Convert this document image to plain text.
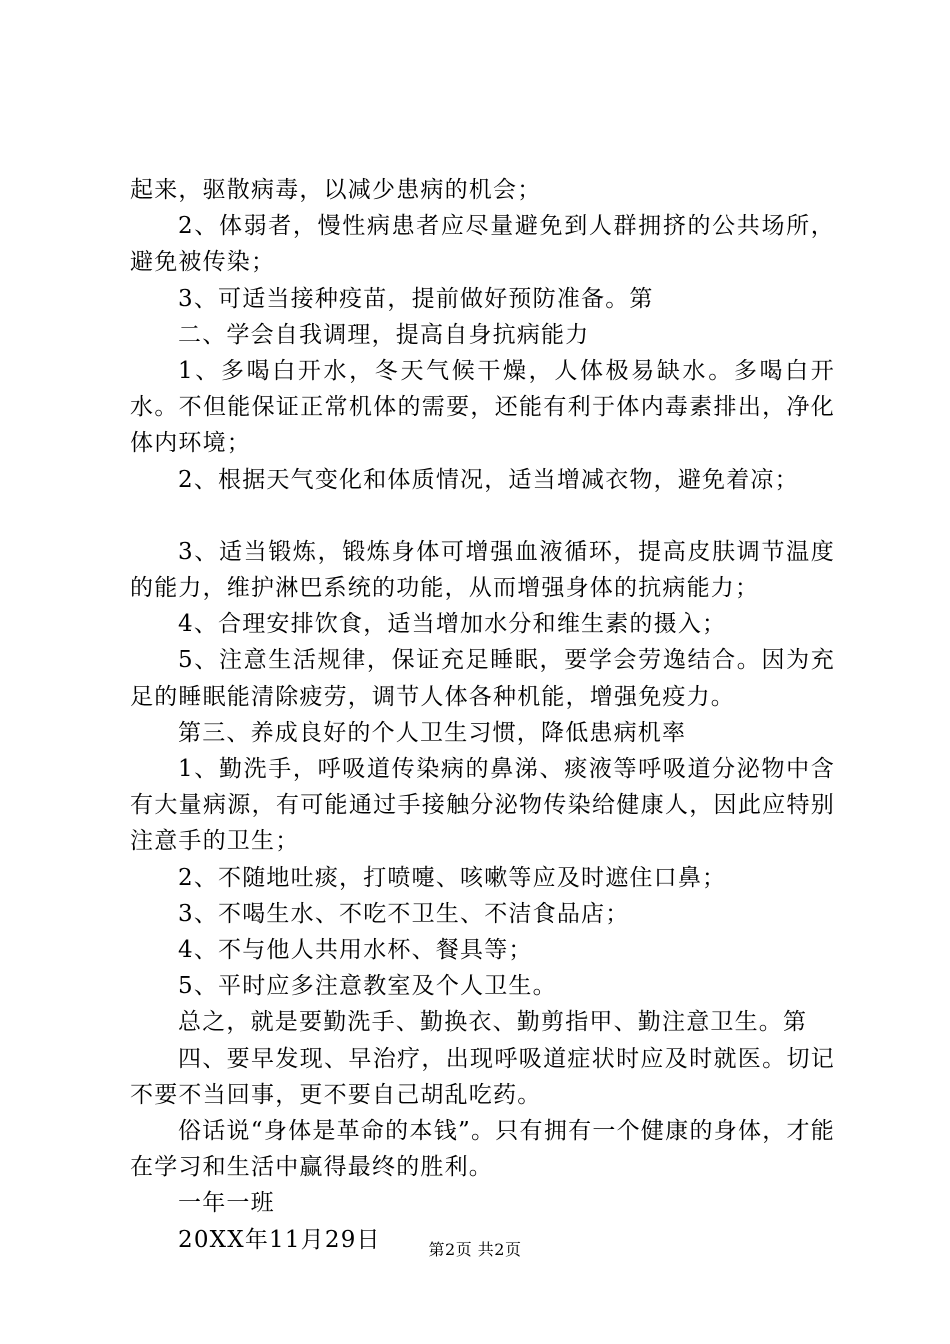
起来，驱散病毒，以减少患病的机会；

2、体弱者，慢性病患者应尽量避免到人群拥挤的公共场所，避免被传染；

3、可适当接种疫苗，提前做好预防准备。第

二、学会自我调理，提高自身抗病能力

1、多喝白开水，冬天气候干燥，人体极易缺水。多喝白开水。不但能保证正常机体的需要，还能有利于体内毒素排出，净化体内环境；

2、根据天气变化和体质情况，适当增减衣物，避免着凉；

3、适当锻炼，锻炼身体可增强血液循环，提高皮肤调节温度的能力，维护淋巴系统的功能，从而增强身体的抗病能力；

4、合理安排饮食，适当增加水分和维生素的摄入；

5、注意生活规律，保证充足睡眠，要学会劳逸结合。因为充足的睡眠能清除疲劳，调节人体各种机能，增强免疫力。

第三、养成良好的个人卫生习惯，降低患病机率

1、勤洗手，呼吸道传染病的鼻涕、痰液等呼吸道分泌物中含有大量病源，有可能通过手接触分泌物传染给健康人，因此应特别注意手的卫生；

2、不随地吐痰，打喷嚏、咳嗽等应及时遮住口鼻；

3、不喝生水、不吃不卫生、不洁食品店；

4、不与他人共用水杯、餐具等；

5、平时应多注意教室及个人卫生。

总之，就是要勤洗手、勤换衣、勤剪指甲、勤注意卫生。第

四、要早发现、早治疗，出现呼吸道症状时应及时就医。切记不要不当回事，更不要自己胡乱吃药。

俗话说“身体是革命的本钱”。只有拥有一个健康的身体，才能在学习和生活中赢得最终的胜利。

一年一班

20XX年11月29日	第2页 共2页
